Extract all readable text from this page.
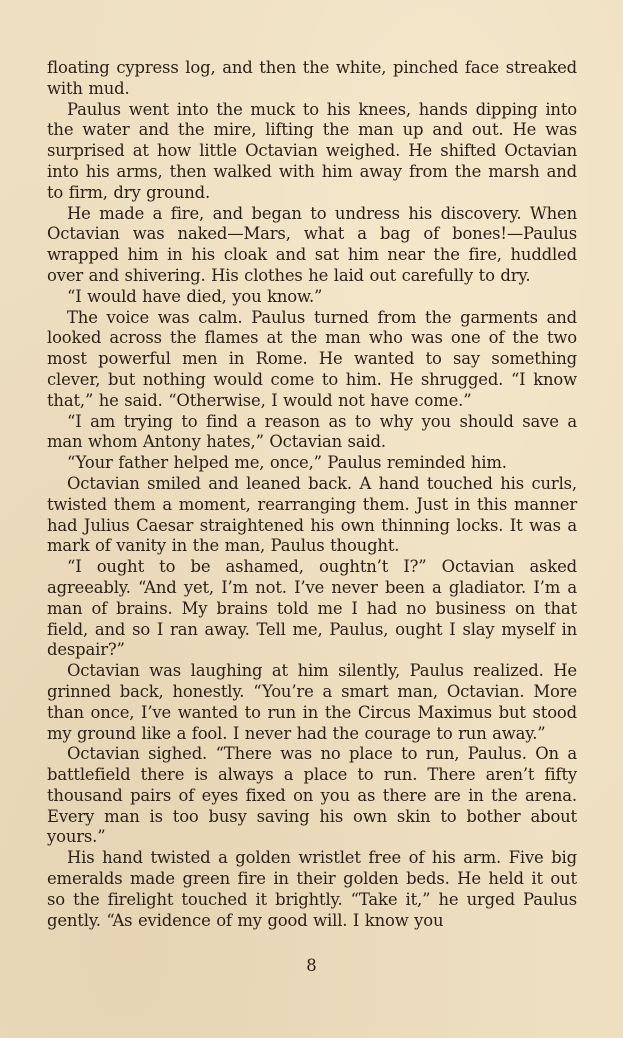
floating cypress log, and then the white, pinched face streaked with mud.

Paulus went into the muck to his knees, hands dipping into the water and the mire, lifting the man up and out. He was surprised at how little Octavian weighed. He shifted Octavian into his arms, then walked with him away from the marsh and to firm, dry ground.

He made a fire, and began to undress his discovery. When Octavian was naked—Mars, what a bag of bones!—Paulus wrapped him in his cloak and sat him near the fire, huddled over and shivering. His clothes he laid out carefully to dry.

“I would have died, you know.”

The voice was calm. Paulus turned from the garments and looked across the flames at the man who was one of the two most powerful men in Rome. He wanted to say something clever, but nothing would come to him. He shrugged. “I know that,” he said. “Otherwise, I would not have come.”

“I am trying to find a reason as to why you should save a man whom Antony hates,” Octavian said.

“Your father helped me, once,” Paulus reminded him.

Octavian smiled and leaned back. A hand touched his curls, twisted them a moment, rearranging them. Just in this manner had Julius Caesar straightened his own thinning locks. It was a mark of vanity in the man, Paulus thought.

“I ought to be ashamed, oughtn’t I?” Octavian asked agreeably. “And yet, I’m not. I’ve never been a gladiator. I’m a man of brains. My brains told me I had no business on that field, and so I ran away. Tell me, Paulus, ought I slay myself in despair?”

Octavian was laughing at him silently, Paulus realized. He grinned back, honestly. “You’re a smart man, Octavian. More than once, I’ve wanted to run in the Circus Maximus but stood my ground like a fool. I never had the courage to run away.”

Octavian sighed. “There was no place to run, Paulus. On a battlefield there is always a place to run. There aren’t fifty thousand pairs of eyes fixed on you as there are in the arena. Every man is too busy saving his own skin to bother about yours.”

His hand twisted a golden wristlet free of his arm. Five big emeralds made green fire in their golden beds. He held it out so the firelight touched it brightly. “Take it,” he urged Paulus gently. “As evidence of my good will. I know you

8
